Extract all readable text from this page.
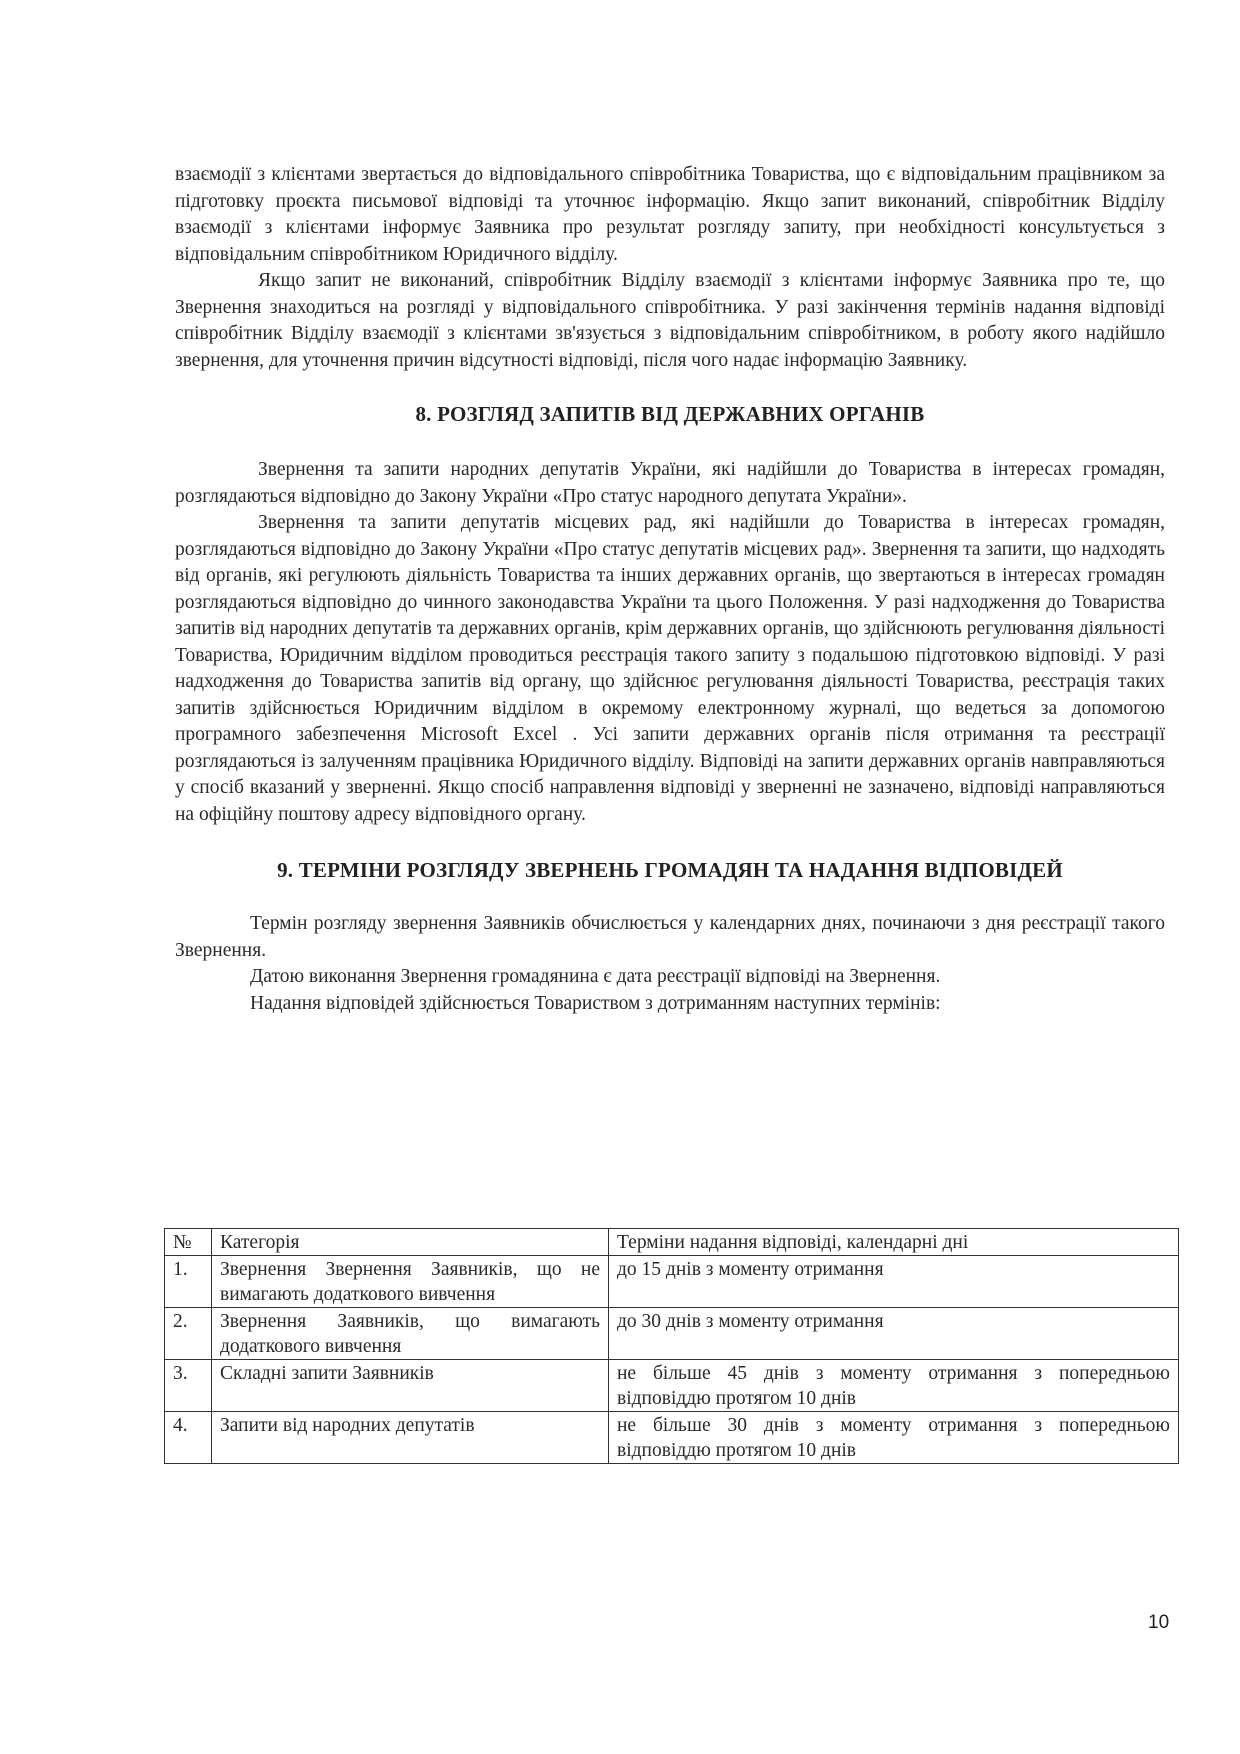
взаємодії з клієнтами звертається до відповідального співробітника Товариства, що є відповідальним працівником за підготовку проєкта письмової відповіді та уточнює інформацію. Якщо запит виконаний, співробітник Відділу взаємодії з клієнтами інформує Заявника про результат розгляду запиту, при необхідності консультується з відповідальним співробітником Юридичного відділу.

Якщо запит не виконаний, співробітник Відділу взаємодії з клієнтами інформує Заявника про те, що Звернення знаходиться на розгляді у відповідального співробітника. У разі закінчення термінів надання відповіді співробітник Відділу взаємодії з клієнтами зв'язується з відповідальним співробітником, в роботу якого надійшло звернення, для уточнення причин відсутності відповіді, після чого надає інформацію Заявнику.

8. РОЗГЛЯД ЗАПИТІВ ВІД ДЕРЖАВНИХ ОРГАНІВ

Звернення та запити народних депутатів України, які надійшли до Товариства в інтересах громадян, розглядаються відповідно до Закону України «Про статус народного депутата України».

Звернення та запити депутатів місцевих рад, які надійшли до Товариства в інтересах громадян, розглядаються відповідно до Закону України «Про статус депутатів місцевих рад». Звернення та запити, що надходять від органів, які регулюють діяльність Товариства та інших державних органів, що звертаються в інтересах громадян розглядаються відповідно до чинного законодавства України та цього Положення. У разі надходження до Товариства запитів від народних депутатів та державних органів, крім державних органів, що здійснюють регулювання діяльності Товариства, Юридичним відділом проводиться реєстрація такого запиту з подальшою підготовкою відповіді. У разі надходження до Товариства запитів від органу, що здійснює регулювання діяльності Товариства, реєстрація таких запитів здійснюється Юридичним відділом в окремому електронному журналі, що ведеться за допомогою програмного забезпечення Microsoft Excel . Усі запити державних органів після отримання та реєстрації розглядаються із залученням працівника Юридичного відділу. Відповіді на запити державних органів навправляються у спосіб вказаний у зверненні. Якщо спосіб направлення відповіді у зверненні не зазначено, відповіді направляються на офіційну поштову адресу відповідного органу.

9. ТЕРМІНИ РОЗГЛЯДУ ЗВЕРНЕНЬ ГРОМАДЯН ТА НАДАННЯ ВІДПОВІДЕЙ

Термін розгляду звернення Заявників обчислюється у календарних днях, починаючи з дня реєстрації такого Звернення.

Датою виконання Звернення громадянина є дата реєстрації відповіді на Звернення.

Надання відповідей здійснюється Товариством з дотриманням наступних термінів:

№	Категорія	Терміни надання відповіді, календарні дні
1.	Звернення Звернення Заявників, що не вимагають додаткового вивчення	до 15 днів з моменту отримання
2.	Звернення Заявників, що вимагають додаткового вивчення	до 30 днів з моменту отримання
3.	Складні запити Заявників	не більше 45 днів з моменту отримання з попередньою відповіддю протягом 10 днів
4.	Запити від народних депутатів	не більше 30 днів з моменту отримання з попередньою відповіддю протягом 10 днів
10
